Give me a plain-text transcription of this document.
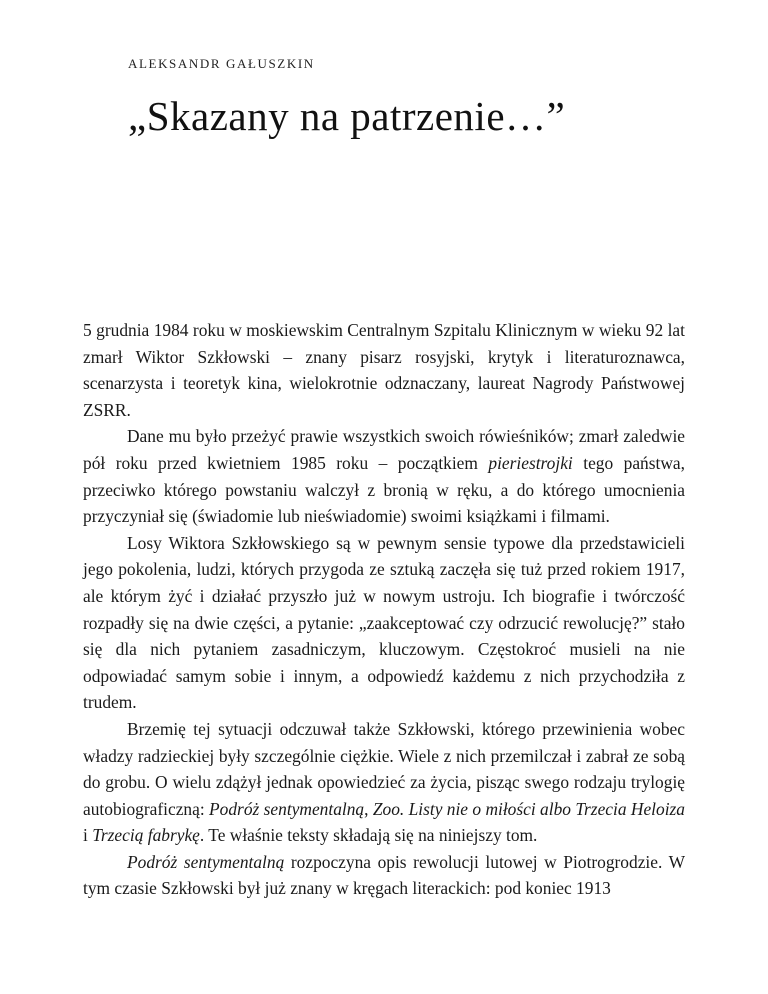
ALEKSANDR GAŁUSZKIN
„Skazany na patrzenie…”

5 grudnia 1984 roku w moskiewskim Centralnym Szpitalu Klinicznym w wieku 92 lat zmarł Wiktor Szkłowski – znany pisarz rosyjski, krytyk i literaturoznawca, scenarzysta i teoretyk kina, wielokrotnie odznaczany, laureat Nagrody Państwowej ZSRR.

Dane mu było przeżyć prawie wszystkich swoich rówieśników; zmarł zaledwie pół roku przed kwietniem 1985 roku – początkiem pieriestrojki tego państwa, przeciwko którego powstaniu walczył z bronią w ręku, a do którego umocnienia przyczyniał się (świadomie lub nieświadomie) swoimi książkami i filmami.

Losy Wiktora Szkłowskiego są w pewnym sensie typowe dla przedstawicieli jego pokolenia, ludzi, których przygoda ze sztuką zaczęła się tuż przed rokiem 1917, ale którym żyć i działać przyszło już w nowym ustroju. Ich biografie i twórczość rozpadły się na dwie części, a pytanie: „zaakceptować czy odrzucić rewolucję?” stało się dla nich pytaniem zasadniczym, kluczowym. Częstokroć musieli na nie odpowiadać samym sobie i innym, a odpowiedź każdemu z nich przychodziła z trudem.

Brzemię tej sytuacji odczuwał także Szkłowski, którego przewinienia wobec władzy radzieckiej były szczególnie ciężkie. Wiele z nich przemilczał i zabrał ze sobą do grobu. O wielu zdążył jednak opowiedzieć za życia, pisząc swego rodzaju trylogię autobiograficzną: Podróż sentymentalną, Zoo. Listy nie o miłości albo Trzecia Heloiza i Trzecią fabrykę. Te właśnie teksty składają się na niniejszy tom.

Podróż sentymentalną rozpoczyna opis rewolucji lutowej w Piotrogrodzie. W tym czasie Szkłowski był już znany w kręgach literackich: pod koniec 1913
